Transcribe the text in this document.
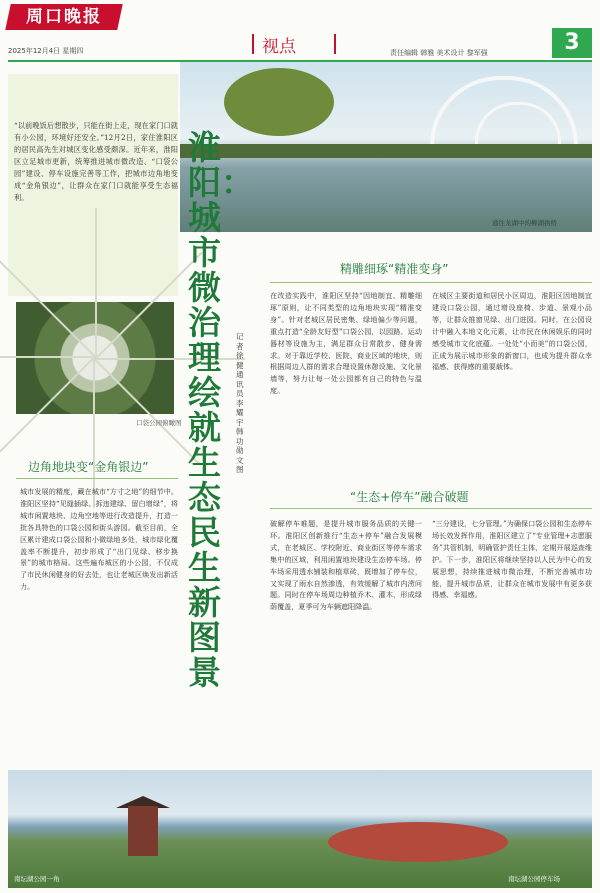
周口晚报
2025年12月4日 星期四	视点	责任编辑 韩雅 美术设计 黎军强	3
“以前晚饭后想散步，只能在街上走，现在家门口就有小公园，环境好还安全。”12月2日，家住淮阳区的居民高先生对城区变化感受颇深。近年来，淮阳区立足城市更新，统筹推进城市微改造、“口袋公园”建设、停车设施完善等工作，把城市边角地变成“金角银边”，让群众在家门口就能享受生态福利。
口袋公园俯瞰图
边角地块变“金角银边”
城市发展的精度，藏在城市“方寸之地”的细节中。淮阳区坚持“见缝插绿、拆违建绿、留白增绿”，将城市闲置地块、边角空地等进行改造提升，打造一批各具特色的口袋公园和街头游园。截至目前，全区累计建成口袋公园和小微绿地多处，城市绿化覆盖率不断提升，初步形成了“出门见绿、移步换景”的城市格局。这些遍布城区的小公园，不仅成了市民休闲健身的好去处，也让老城区焕发出新活力。
通往龙湖中的柳湖拱桥
淮阳：城市微治理绘就生态民生新图景
记者 徐健 通讯员 李耀宇 韩功勋 文图
精雕细琢“精准变身”
在改造实践中，淮阳区坚持“因地制宜、精雕细琢”原则，让不同类型的边角地块实现“精准变身”。针对老城区居民密集、绿地偏少等问题，重点打造“全龄友好型”口袋公园，以园路、运动器材等设施为主，满足群众日常散步、健身需求。对于靠近学校、医院、商业区域的地块，则根据周边人群的需求合理设置休憩设施、文化景墙等，努力让每一处公园都有自己的特色与温度。
在城区主要街道和居民小区周边，淮阳区因地制宜建设口袋公园，通过增设座椅、步道、景观小品等，让群众推窗见绿、出门进园。同时，在公园设计中融入本地文化元素，让市民在休闲娱乐的同时感受城市文化底蕴。一处处“小而美”的口袋公园，正成为展示城市形象的新窗口，也成为提升群众幸福感、获得感的重要载体。
“生态+停车”融合破题
破解停车难题，是提升城市服务品质的关键一环。淮阳区创新推行“生态+停车”融合发展模式，在老城区、学校附近、商业街区等停车需求集中的区域，利用闲置地块建设生态停车场。停车场采用透水铺装和植草砖，既增加了停车位，又实现了雨水自然渗透，有效缓解了城市内涝问题。同时在停车场周边种植乔木、灌木，形成绿荫覆盖，夏季可为车辆遮阳降温。
“三分建设，七分管理。”为确保口袋公园和生态停车场长效发挥作用，淮阳区建立了“专业管理+志愿服务”共管机制，明确管护责任主体，定期开展巡查维护。下一步，淮阳区将继续坚持以人民为中心的发展思想，持续推进城市微治理，不断完善城市功能，提升城市品质，让群众在城市发展中有更多获得感、幸福感。
南坛湖公园一角	南坛湖公园停车场
